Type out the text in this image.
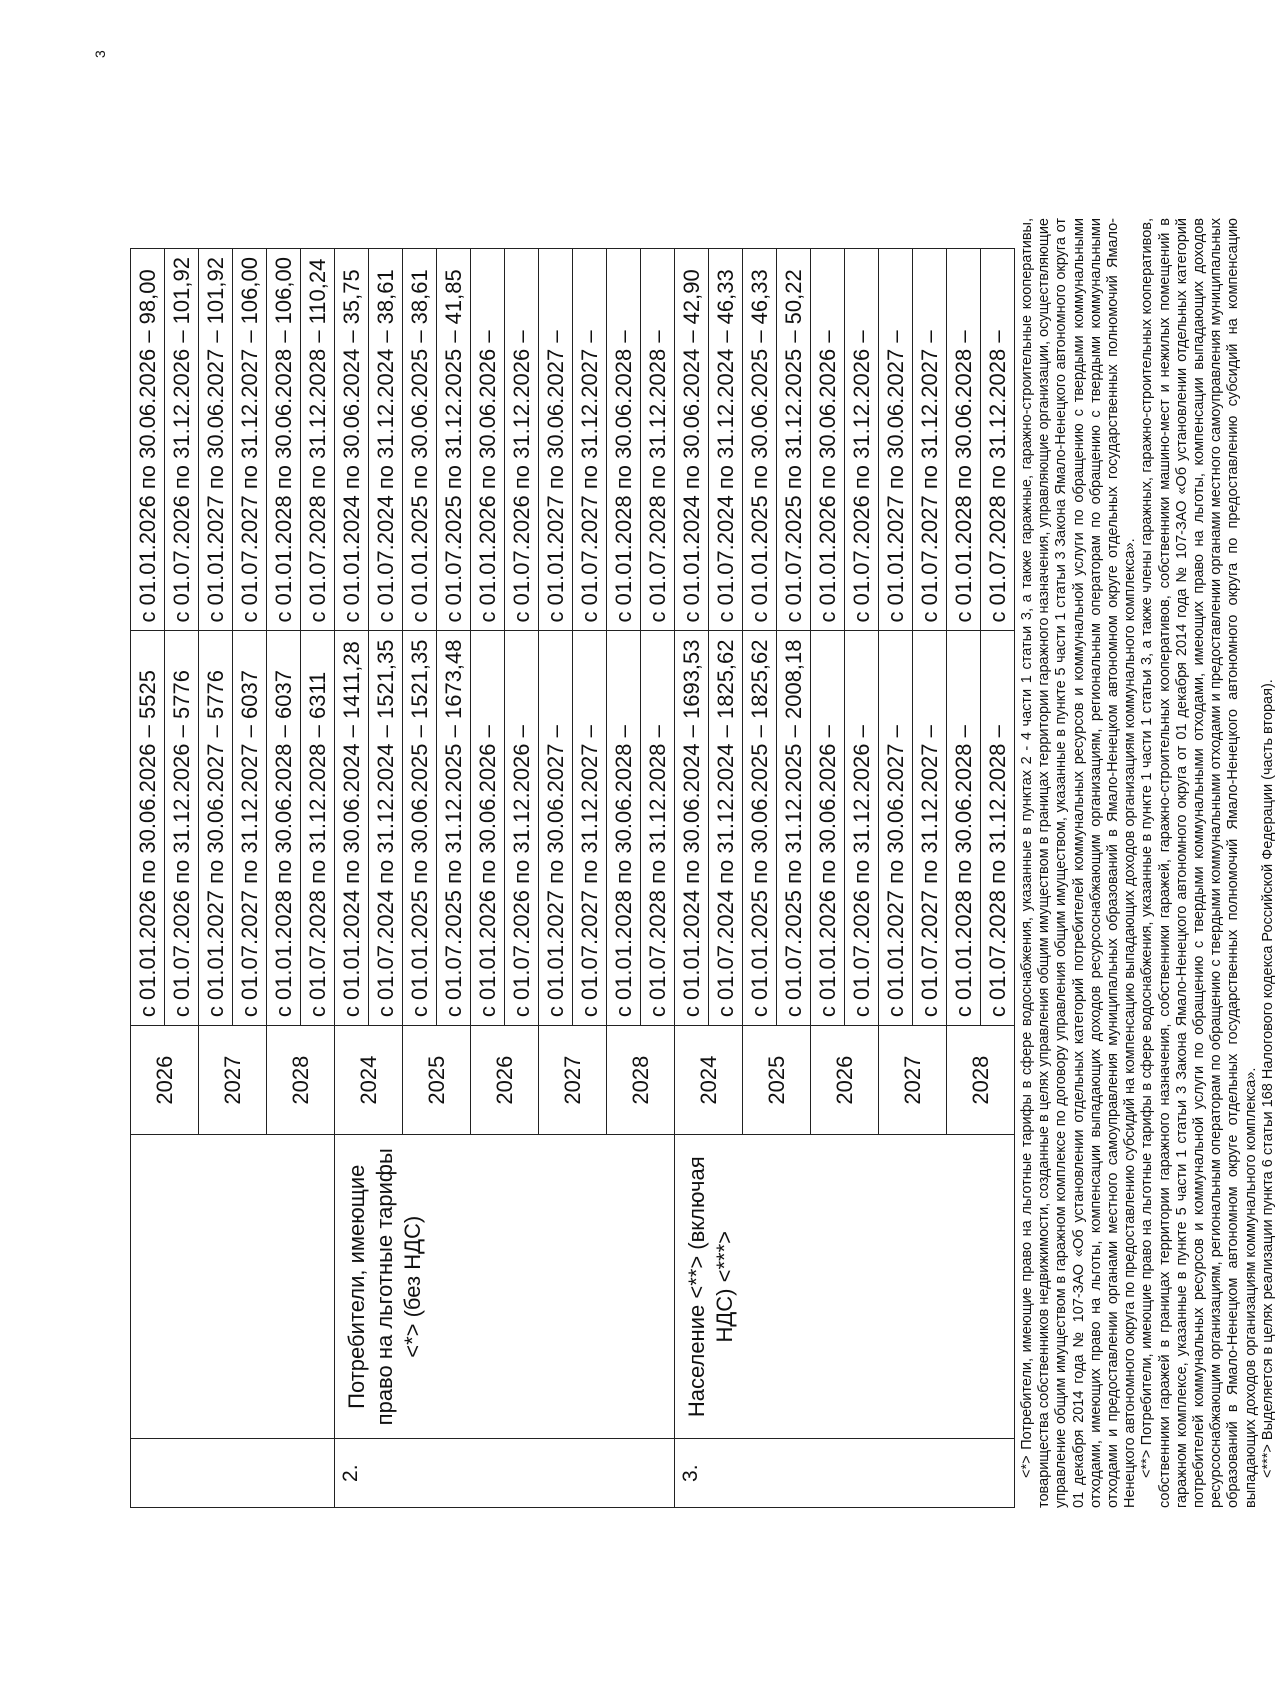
		2026	с 01.01.2026 по 30.06.2026 – 5525	с 01.01.2026 по 30.06.2026 – 98,00
			с 01.07.2026 по 31.12.2026 – 5776	с 01.07.2026 по 31.12.2026 – 101,92
		2027	с 01.01.2027 по 30.06.2027 – 5776	с 01.01.2027 по 30.06.2027 – 101,92
			с 01.07.2027 по 31.12.2027 – 6037	с 01.07.2027 по 31.12.2027 – 106,00
		2028	с 01.01.2028 по 30.06.2028 – 6037	с 01.01.2028 по 30.06.2028 – 106,00
			с 01.07.2028 по 31.12.2028 – 6311	с 01.07.2028 по 31.12.2028 – 110,24
2.	Потребители, имеющие право на льготные тарифы <*> (без НДС)	2024	с 01.01.2024 по 30.06.2024 – 1411,28	с 01.01.2024 по 30.06.2024 – 35,75
			с 01.07.2024 по 31.12.2024 – 1521,35	с 01.07.2024 по 31.12.2024 – 38,61
		2025	с 01.01.2025 по 30.06.2025 – 1521,35	с 01.01.2025 по 30.06.2025 – 38,61
			с 01.07.2025 по 31.12.2025 – 1673,48	с 01.07.2025 по 31.12.2025 – 41,85
		2026	с 01.01.2026 по 30.06.2026 –	с 01.01.2026 по 30.06.2026 –
			с 01.07.2026 по 31.12.2026 –	с 01.07.2026 по 31.12.2026 –
		2027	с 01.01.2027 по 30.06.2027 –	с 01.01.2027 по 30.06.2027 –
			с 01.07.2027 по 31.12.2027 –	с 01.07.2027 по 31.12.2027 –
		2028	с 01.01.2028 по 30.06.2028 –	с 01.01.2028 по 30.06.2028 –
			с 01.07.2028 по 31.12.2028 –	с 01.07.2028 по 31.12.2028 –
3.	Население <**> (включая НДС) <***>	2024	с 01.01.2024 по 30.06.2024 – 1693,53	с 01.01.2024 по 30.06.2024 – 42,90
			с 01.07.2024 по 31.12.2024 – 1825,62	с 01.07.2024 по 31.12.2024 – 46,33
		2025	с 01.01.2025 по 30.06.2025 – 1825,62	с 01.01.2025 по 30.06.2025 – 46,33
			с 01.07.2025 по 31.12.2025 – 2008,18	с 01.07.2025 по 31.12.2025 – 50,22
		2026	с 01.01.2026 по 30.06.2026 –	с 01.01.2026 по 30.06.2026 –
			с 01.07.2026 по 31.12.2026 –	с 01.07.2026 по 31.12.2026 –
		2027	с 01.01.2027 по 30.06.2027 –	с 01.01.2027 по 30.06.2027 –
			с 01.07.2027 по 31.12.2027 –	с 01.07.2027 по 31.12.2027 –
		2028	с 01.01.2028 по 30.06.2028 –	с 01.01.2028 по 30.06.2028 –
			с 01.07.2028 по 31.12.2028 –	с 01.07.2028 по 31.12.2028 – <*> Потребители, имеющие право на льготные тарифы в сфере водоснабжения, указанные в пунктах 2 - 4 части 1 статьи 3, а также гаражные, гаражно-строительные кооперативы, товарищества собственников недвижимости, созданные в целях управления общим имуществом в границах территории гаражного назначения, управляющие организации, осуществляющие управление общим имуществом в гаражном комплексе по договору управления общим имуществом, указанные в пункте 5 части 1 статьи 3 Закона Ямало-Ненецкого автономного округа от 01 декабря 2014 года № 107-ЗАО «Об установлении отдельных категорий потребителей коммунальных ресурсов и коммунальной услуги по обращению с твердыми коммунальными отходами, имеющих право на льготы, компенсации выпадающих доходов ресурсоснабжающим организациям, региональным операторам по обращению с твердыми коммунальными отходами и предоставлении органами местного самоуправления муниципальных образований в Ямало-Ненецком автономном округе отдельных государственных полномочий Ямало-Ненецкого автономного округа по предоставлению субсидий на компенсацию выпадающих доходов организациям коммунального комплекса». <**> Потребители, имеющие право на льготные тарифы в сфере водоснабжения, указанные в пункте 1 части 1 статьи 3, а также члены гаражных, гаражно-строительных кооперативов, собственники гаражей в границах территории гаражного назначения, собственники гаражей, гаражно-строительных кооперативов, собственники машино-мест и нежилых помещений в гаражном комплексе, указанные в пункте 5 части 1 статьи 3 Закона Ямало-Ненецкого автономного округа от 01 декабря 2014 года № 107-ЗАО «Об установлении отдельных категорий потребителей коммунальных ресурсов и коммунальной услуги по обращению с твердыми коммунальными отходами, имеющих право на льготы, компенсации выпадающих доходов ресурсоснабжающим организациям, региональным операторам по обращению с твердыми коммунальными отходами и предоставлении органами местного самоуправления муниципальных образований в Ямало-Ненецком автономном округе отдельных государственных полномочий Ямало-Ненецкого автономного округа по предоставлению субсидий на компенсацию выпадающих доходов организациям коммунального комплекса». <***> Выделяется в целях реализации пункта 6 статьи 168 Налогового кодекса Российской Федерации (часть вторая).

3
